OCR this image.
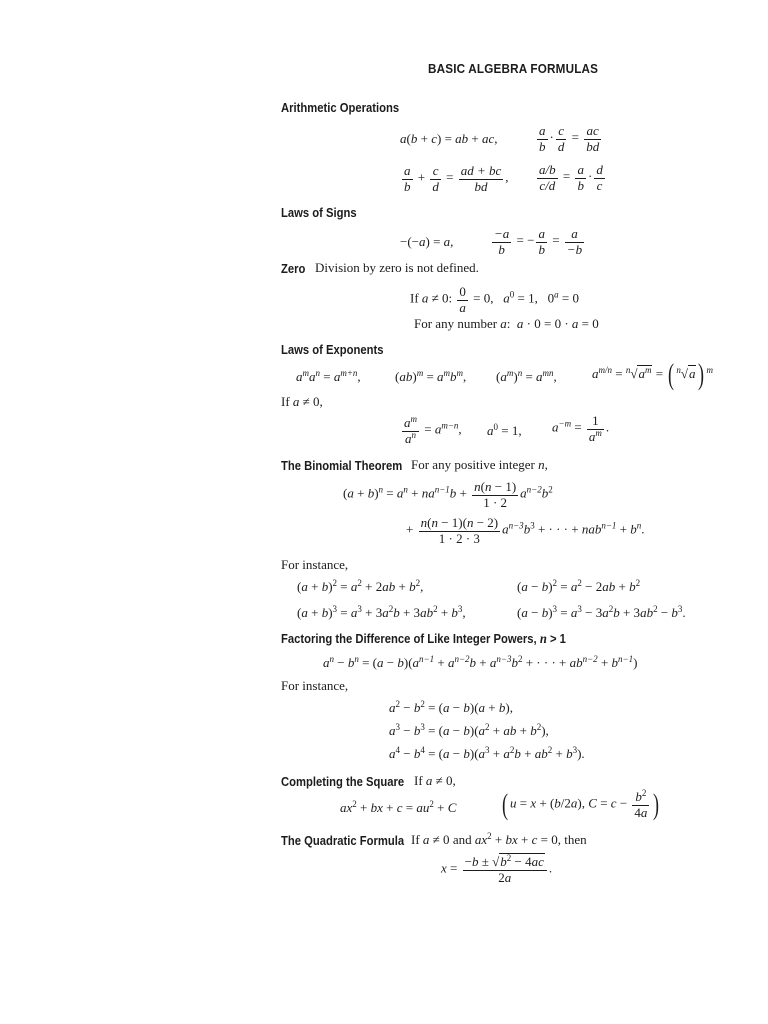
BASIC ALGEBRA FORMULAS
Arithmetic Operations
a(b + c) = ab + ac,	$\frac{a}{b} \cdot \frac{c}{d} = \frac{ac}{bd}$
$\frac{a}{b} + \frac{c}{d} = \frac{ad + bc}{bd}$ , $\frac{a/b}{c/d} = \frac{a}{b} \cdot \frac{d}{c}$
Laws of Signs
−(−a) = a,	$\frac{-a}{b}$ = − $\frac{a}{b} = \frac{a}{-b}$
Zero Division by zero is not defined.
If a ≠ 0: $\frac{0}{a} = 0$,   $a^0 = 1$,   $0^a = 0$
For any number a:  a · 0 = 0 · a = 0
Laws of Exponents
$a^ma^n = a^{m+n}$,	$(ab)^m = a^mb^m$, $(a^m)^n = a^{mn}$,	$a^{m/n} = ^n√a^m$ = ( $^n$√a ) $^m$
If a ≠ 0,
$\frac{a^m}{a^n} = a^{m-n}$, $a^0 = 1$, $a^{-m} = \frac{1}{a^m}$ .
The Binomial Theorem For any positive integer n,
$(a + b)^n = a^n + na^{n-1}b + \frac{n(n - 1)}{1 \cdot 2} a^{n-2}b^2$
+ $\frac{n(n - 1)(n - 2)}{1 \cdot 2 \cdot 3} a^{n-3}b^3$ + · · · + $nab^{n-1} + b^n$.
For instance,
$(a + b)^2 = a^2 + 2ab + b^2$,	$(a - b)^2 = a^2 - 2ab + b^2$
$(a + b)^3 = a^3 + 3a^2b + 3ab^2 + b^3$,	$(a - b)^3 = a^3 - 3a^2b + 3ab^2 - b^3$.
Factoring the Difference of Like Integer Powers, n > 1
$a^n - b^n = (a - b)(a^{n-1} + a^{n-2}b + a^{n-3}b^2$ + · · · + $ab^{n-2} + b^{n-1}$)
For instance,
$a^2 - b^2 = (a - b)(a + b)$,
$a^3 - b^3 = (a - b)(a^2$ + ab + $b^2$),
$a^4 - b^4 = (a - b)(a^3 + a^2b + ab^2 + b^3)$.
Completing the Square If a ≠ 0,
$ax^2$ + bx + $c = au^2 + C$ ( u = x + (b/2a), $C = c - \frac{b^2}{4a}$ )
The Quadratic Formula If a ≠ 0 and $ax^2$ + bx + c = 0, then
$x = \frac{-b \pm √b^2 - 4ac}{2a}$ .
